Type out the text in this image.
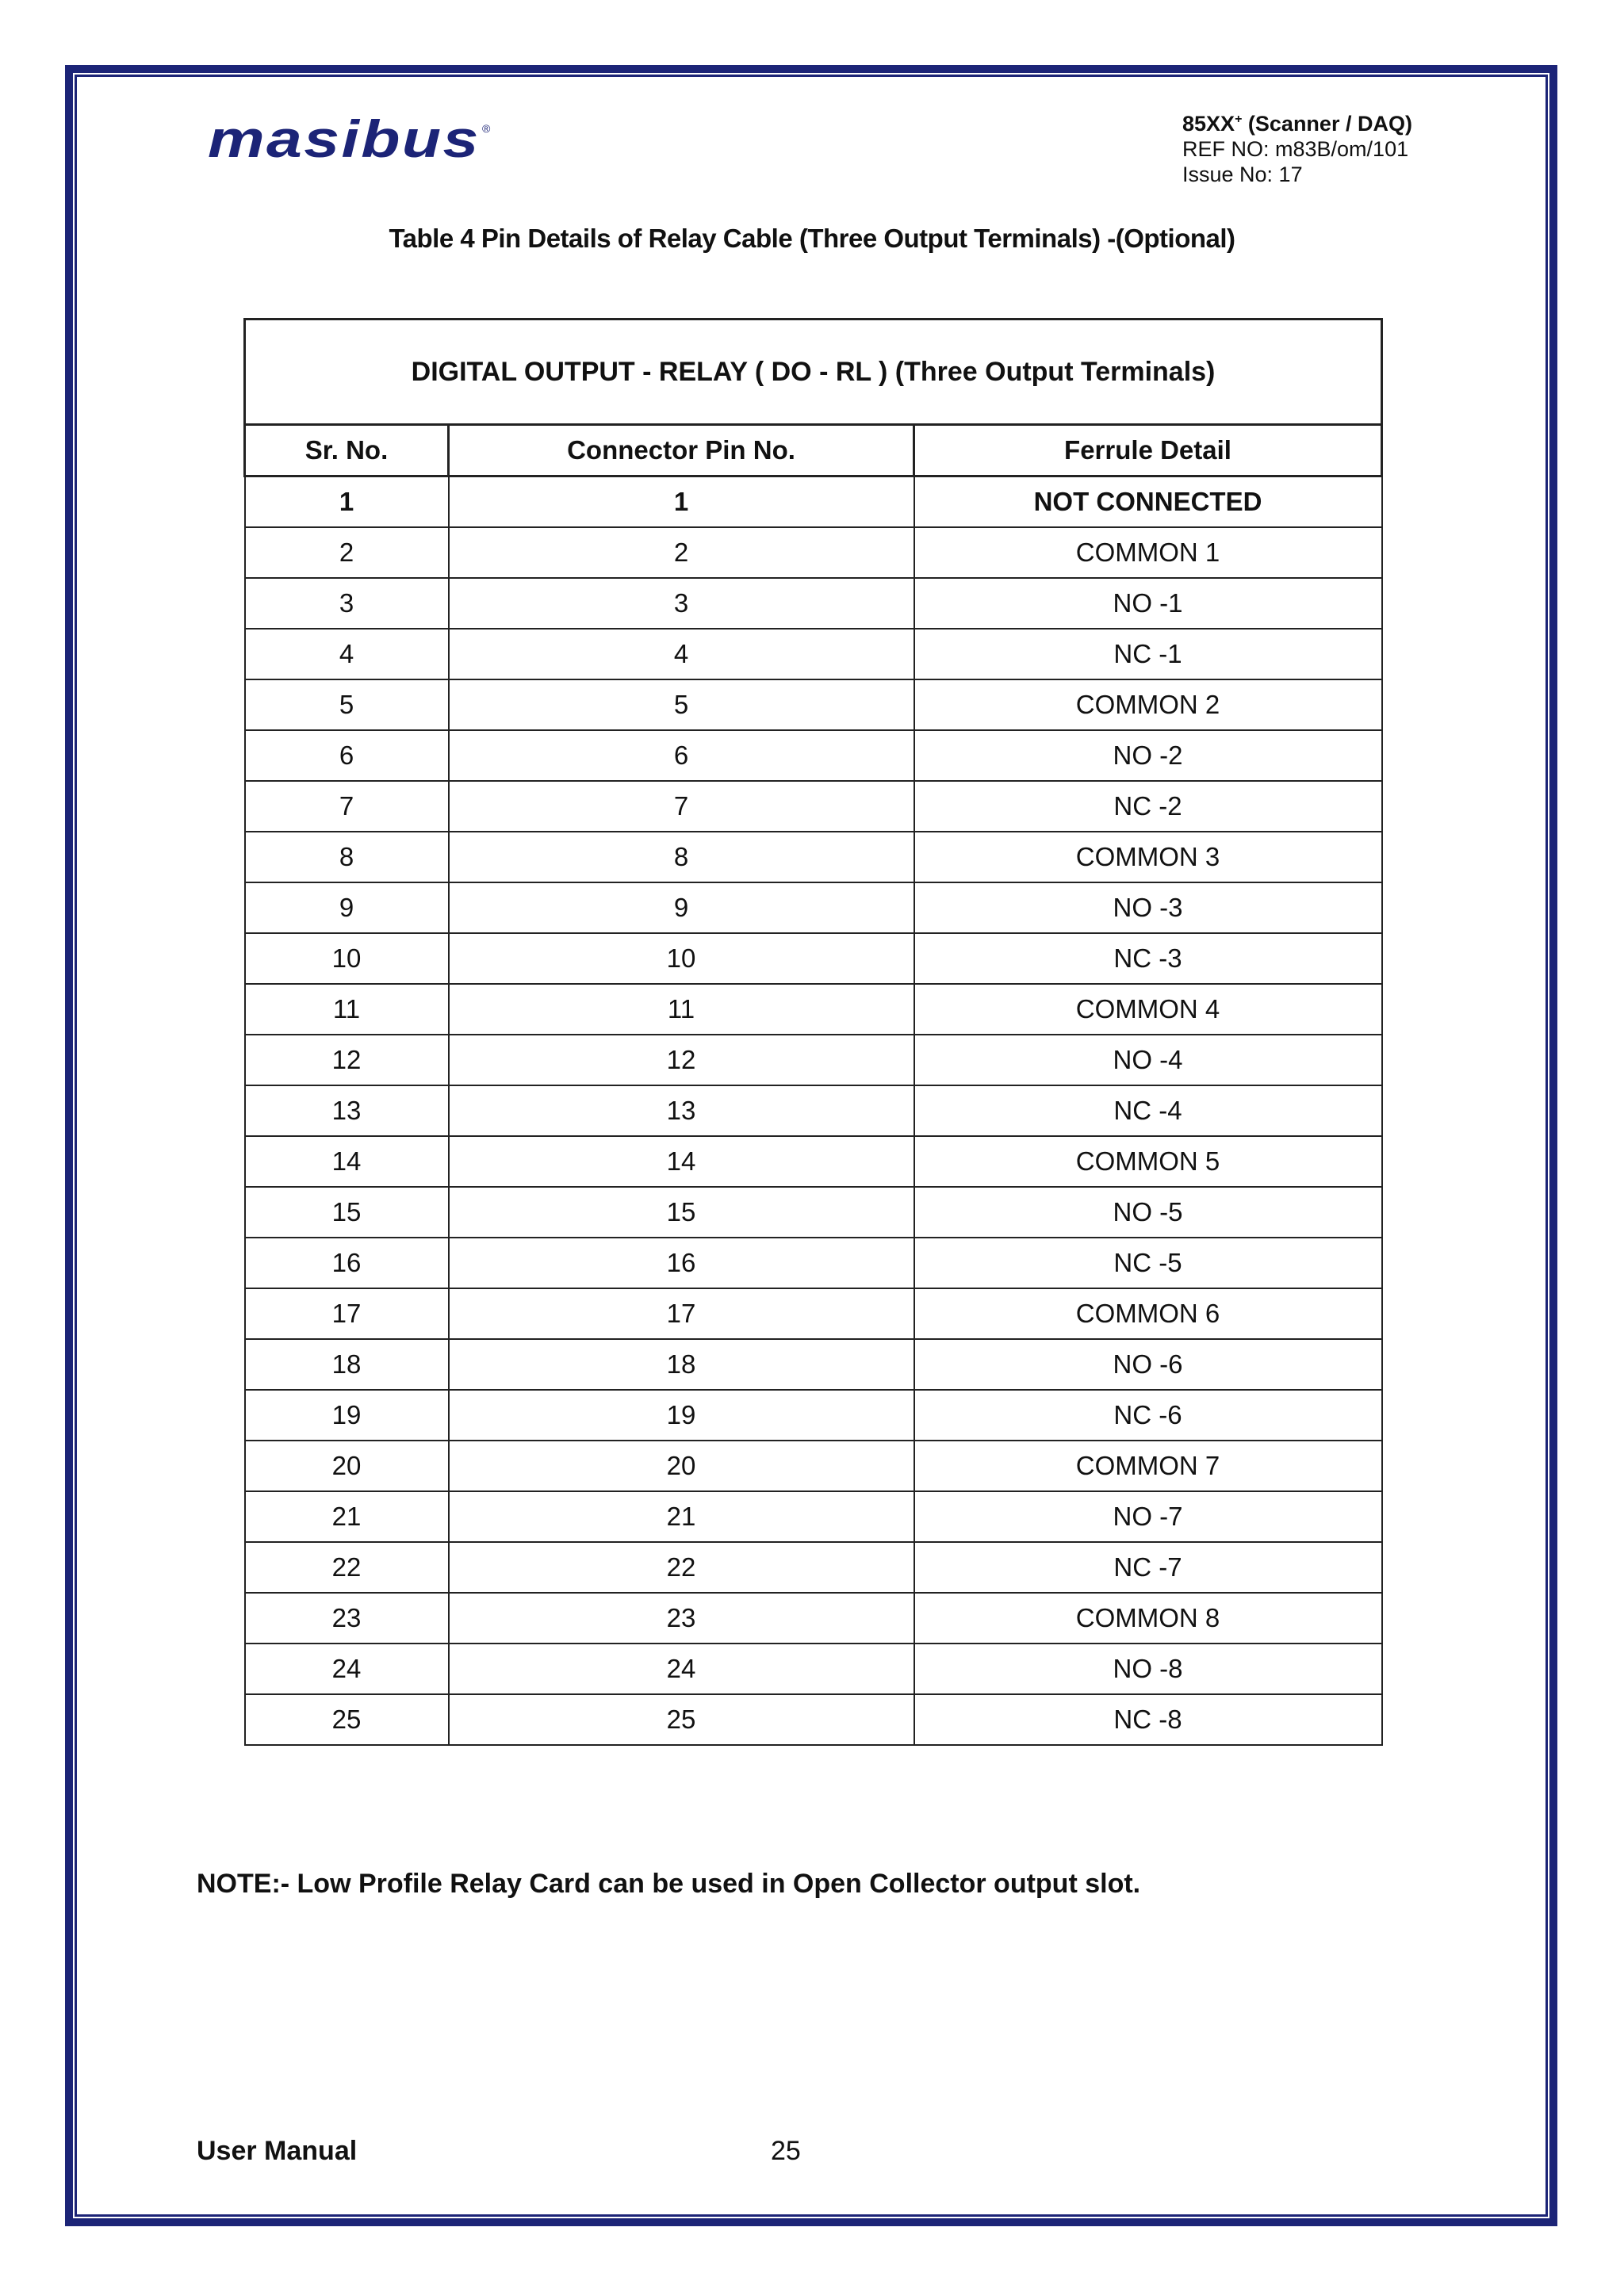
masibus ®	85XX+ (Scanner / DAQ)
REF NO: m83B/om/101
Issue No: 17
Table 4 Pin Details of Relay Cable (Three Output Terminals) -(Optional)
DIGITAL OUTPUT - RELAY ( DO - RL ) (Three Output Terminals)		
Sr. No.	Connector Pin No.	Ferrule Detail
1	1	NOT CONNECTED
2	2	COMMON 1
3	3	NO -1
4	4	NC -1
5	5	COMMON 2
6	6	NO -2
7	7	NC -2
8	8	COMMON 3
9	9	NO -3
10	10	NC -3
11	11	COMMON 4
12	12	NO -4
13	13	NC -4
14	14	COMMON 5
15	15	NO -5
16	16	NC -5
17	17	COMMON 6
18	18	NO -6
19	19	NC -6
20	20	COMMON 7
21	21	NO -7
22	22	NC -7
23	23	COMMON 8
24	24	NO -8
25	25	NC -8
NOTE:- Low Profile Relay Card can be used in Open Collector output slot.
User Manual	25
